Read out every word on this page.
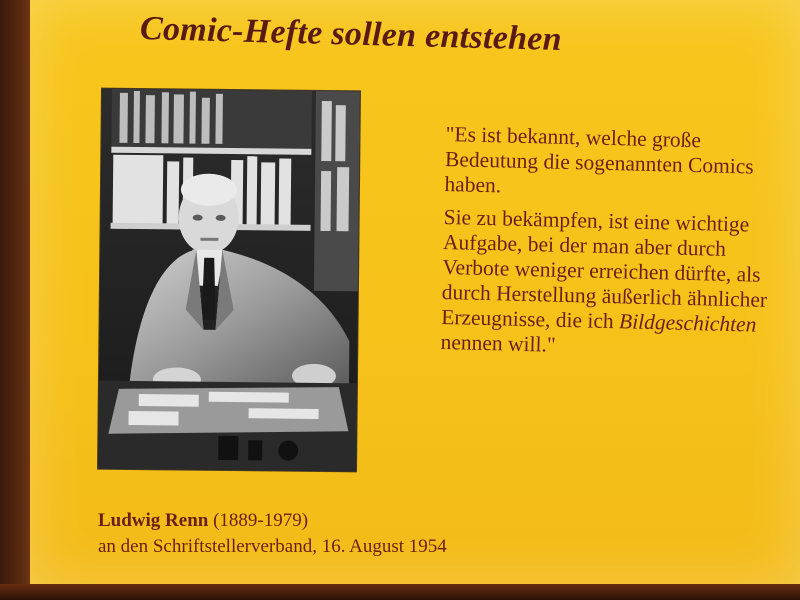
Comic-Hefte sollen entstehen

"Es ist bekannt, welche große Bedeutung die sogenannten Comics haben.

Sie zu bekämpfen, ist eine wichtige Aufgabe, bei der man aber durch Verbote weniger erreichen dürfte, als durch Herstellung äußerlich ähnlicher Erzeugnisse, die ich Bildgeschichten nennen will."

Ludwig Renn (1889-1979)
an den Schriftstellerverband, 16. August 1954
